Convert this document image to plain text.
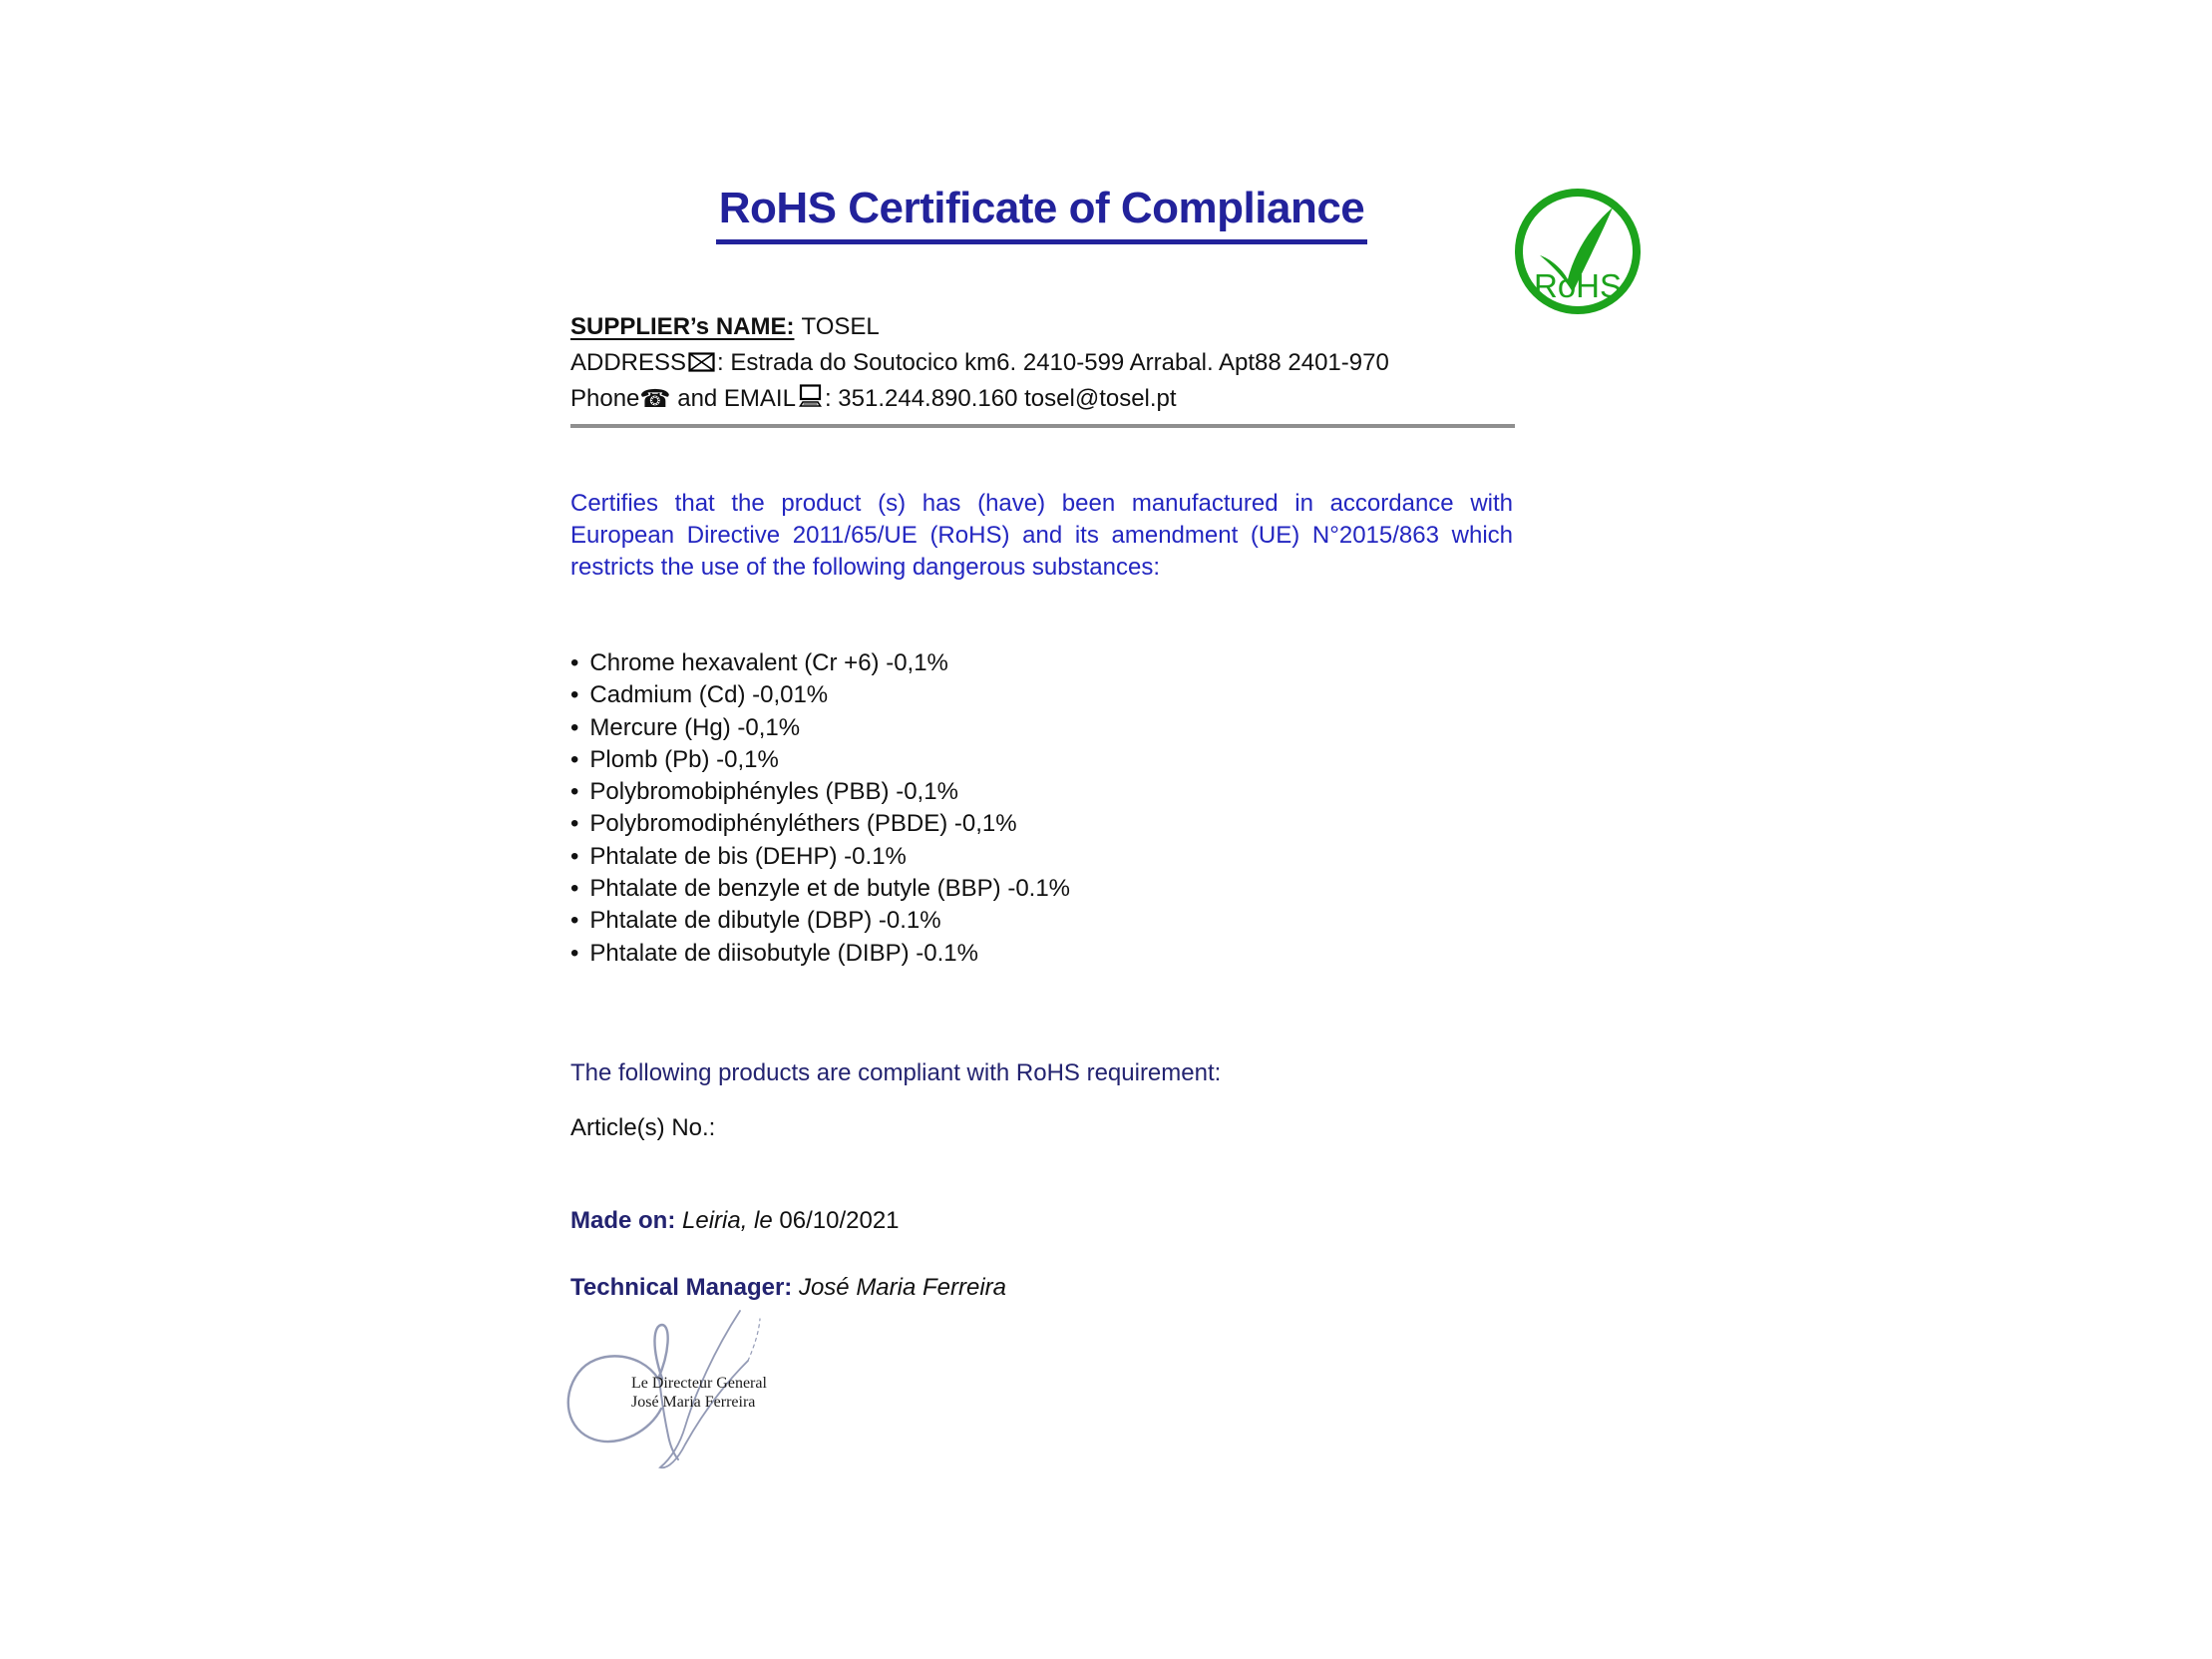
RoHS Certificate of Compliance
RoHS
SUPPLIER’s NAME: TOSEL
ADDRESS : Estrada do Soutocico km6. 2410-599 Arrabal. Apt88 2401-970
Phone☎ and EMAIL : 351.244.890.160 tosel@tosel.pt
Certifies that the product (s) has (have) been manufactured in accordance with
European Directive 2011/65/UE (RoHS) and its amendment (UE) N°2015/863 which
restricts the use of the following dangerous substances:
• Chrome hexavalent (Cr +6) -0,1%
• Cadmium (Cd) -0,01%
• Mercure (Hg) -0,1%
• Plomb (Pb) -0,1%
• Polybromobiphényles (PBB) -0,1%
• Polybromodiphényléthers (PBDE) -0,1%
• Phtalate de bis (DEHP) -0.1%
• Phtalate de benzyle et de butyle (BBP) -0.1%
• Phtalate de dibutyle (DBP) -0.1%
• Phtalate de diisobutyle (DIBP) -0.1%
The following products are compliant with RoHS requirement:
Article(s) No.:
Made on: Leiria, le 06/10/2021
Technical Manager: José Maria Ferreira
Le Directeur General
José Maria Ferreira
